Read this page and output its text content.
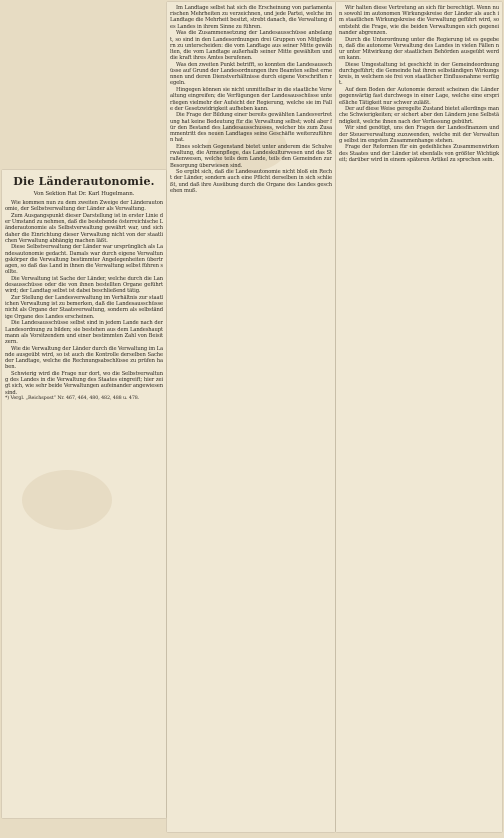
Die Länderautonomie.
Von Sektion Rat Dr. Karl Hugelmann.

Wie kommen nun zu dem zweiten Zweige der Länderautonomie, der Selbstverwaltung der Länder als Verwaltung.

Zum Ausgangspunkt dieser Darstellung ist in erster Linie der Umstand zu nehmen, daß die bestehende österreichische Länderautonomie als Selbstverwaltung gewährt war, und sich daher die Einrichtung dieser Verwaltung nicht von der staatlichen Verwaltung abhängig machen läßt.

Diese Selbstverwaltung der Länder war ursprünglich als Landesautonomie gedacht. Damals war durch eigene Verwaltungskörper die Verwaltung bestimmter Angelegenheiten übertragen, so daß das Land in ihnen die Verwaltung selbst führen sollte.

Die Verwaltung ist Sache der Länder, welche durch die Landesausschüsse oder die von ihnen bestellten Organe geführt wird; der Landtag selbst ist dabei beschließend tätig.

Zur Stellung der Landesverwaltung im Verhältnis zur staatlichen Verwaltung ist zu bemerken, daß die Landesausschüsse nicht als Organe der Staatsverwaltung, sondern als selbständige Organe des Landes erscheinen.

Die Landesausschüsse selbst sind in jedem Lande nach der Landesordnung zu bilden; sie bestehen aus dem Landeshauptmann als Vorsitzendem und einer bestimmten Zahl von Beisitzern.

Wie die Verwaltung der Länder durch die Verwaltung im Lande ausgeübt wird, so ist auch die Kontrolle derselben Sache der Landtage, welche die Rechnungsabschlüsse zu prüfen haben.

Schwierig wird die Frage nur dort, wo die Selbstverwaltung des Landes in die Verwaltung des Staates eingreift; hier zeigt sich, wie sehr beide Verwaltungen aufeinander angewiesen sind.

*) Vergl. „Reichspost“ Nr. 467, 464, 480, 482, 488 u. 478.

Im Landtage selbst hat sich die Erscheinung von parlamentarischen Mehrheiten zu verzeichnen, und jede Partei, welche im Landtage die Mehrheit besitzt, strebt danach, die Verwaltung des Landes in ihrem Sinne zu führen.

Was die Zusammensetzung der Landesausschüsse anbelangt, so sind in den Landesordnungen drei Gruppen von Mitgliedern zu unterscheiden: die vom Landtage aus seiner Mitte gewählten, die vom Landtage außerhalb seiner Mitte gewählten und die kraft ihres Amtes berufenen.

Was den zweiten Punkt betrifft, so konnten die Landesausschüsse auf Grund der Landesordnungen ihre Beamten selbst ernennen und deren Dienstverhältnisse durch eigene Vorschriften regeln.

Hingegen können sie nicht unmittelbar in die staatliche Verwaltung eingreifen; die Verfügungen der Landesausschüsse unterliegen vielmehr der Aufsicht der Regierung, welche sie im Falle der Gesetzwidrigkeit aufheben kann.

Die Frage der Bildung einer bereits gewählten Landesvertretung hat keine Bedeutung für die Verwaltung selbst; wohl aber für den Bestand des Landesausschusses, welcher bis zum Zusammentritt des neuen Landtages seine Geschäfte weiterzuführen hat.

Eines solchen Gegenstand bietet unter anderem die Schulverwaltung, die Armenpflege, das Landeskulturwesen und das Straßenwesen, welche teils dem Lande, teils den Gemeinden zur Besorgung überwiesen sind.

So ergibt sich, daß die Landesautonomie nicht bloß ein Recht der Länder, sondern auch eine Pflicht derselben in sich schließt, und daß ihre Ausübung durch die Organe des Landes geschehen muß.

Wir halten diese Vertretung an sich für berechtigt. Wenn nun sowohl im autonomen Wirkungskreise der Länder als auch im staatlichen Wirkungskreise die Verwaltung geführt wird, so entsteht die Frage, wie die beiden Verwaltungen sich gegeneinander abgrenzen.

Durch die Unterordnung unter die Regierung ist es gegeben, daß die autonome Verwaltung des Landes in vielen Fällen nur unter Mitwirkung der staatlichen Behörden ausgeübt werden kann.

Diese Umgestaltung ist geschicht in der Gemeindeordnung durchgeführt; die Gemeinde hat ihren selbständigen Wirkungskreis, in welchem sie frei von staatlicher Einflussnahme verfügt.

Auf dem Boden der Autonomie derzeit scheinen die Länder gegenwärtig fast durchwegs in einer Lage, welche eine ersprießliche Tätigkeit nur schwer zuläßt.

Der auf diese Weise geregelte Zustand bietet allerdings manche Schwierigkeiten; er sichert aber den Ländern jene Selbständigkeit, welche ihnen nach der Verfassung gebührt.

Wir sind genötigt, uns den Fragen der Landesfinanzen und der Steuerverwaltung zuzuwenden, welche mit der Verwaltung selbst im engsten Zusammenhange stehen.

Frage der Reformen für ein gedeihliches Zusammenwirken des Staates und der Länder ist ebenfalls von größter Wichtigkeit; darüber wird in einem späteren Artikel zu sprechen sein.
